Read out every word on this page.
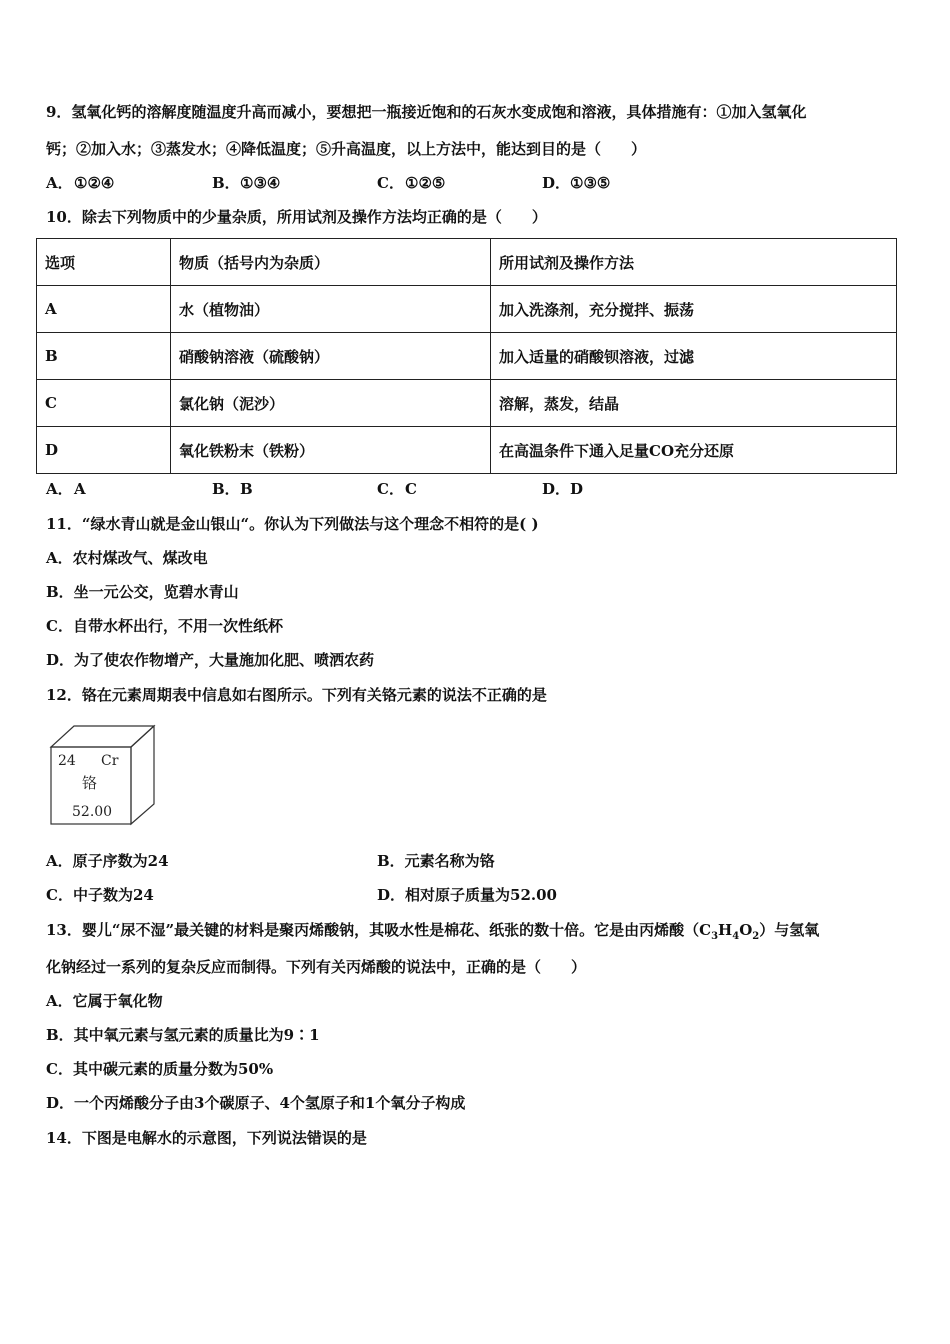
9．氢氧化钙的溶解度随温度升高而减小，要想把一瓶接近饱和的石灰水变成饱和溶液，具体措施有：①加入氢氧化
钙；②加入水；③蒸发水；④降低温度；⑤升高温度，以上方法中，能达到目的是（　　）
A．①②④	B．①③④	C．①②⑤	D．①③⑤
10．除去下列物质中的少量杂质，所用试剂及操作方法均正确的是（　　）
选项	物质（括号内为杂质）	所用试剂及操作方法
A	水（植物油）	加入洗涤剂，充分搅拌、振荡
B	硝酸钠溶液（硫酸钠）	加入适量的硝酸钡溶液，过滤
C	氯化钠（泥沙）	溶解，蒸发，结晶
D	氧化铁粉末（铁粉）	在高温条件下通入足量CO充分还原
A．A	B．B	C．C	D．D
11．“绿水青山就是金山银山“。你认为下列做法与这个理念不相符的是( )
A．农村煤改气、煤改电
B．坐一元公交，览碧水青山
C．自带水杯出行，不用一次性纸杯
D．为了使农作物增产，大量施加化肥、喷洒农药
12．铬在元素周期表中信息如右图所示。下列有关铬元素的说法不正确的是
24 Cr
铬
52.00
A．原子序数为24	B．元素名称为铬
C．中子数为24	D．相对原子质量为52.00
13．婴儿“尿不湿”最关键的材料是聚丙烯酸钠，其吸水性是棉花、纸张的数十倍。它是由丙烯酸$(C_3H_4O_2)$与氢氧
化钠经过一系列的复杂反应而制得。下列有关丙烯酸的说法中，正确的是（　　）
A．它属于氧化物
B．其中氧元素与氢元素的质量比为9∶1
C．其中碳元素的质量分数为50%
D．一个丙烯酸分子由3个碳原子、4个氢原子和1个氧分子构成
14．下图是电解水的示意图，下列说法错误的是
